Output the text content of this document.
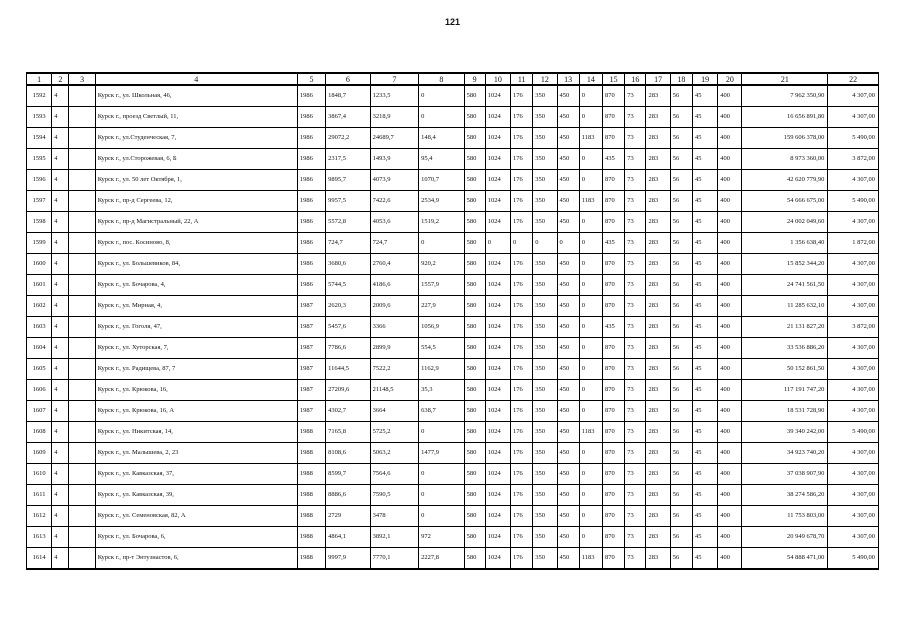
121
1	2	3	4	5	6	7	8	9	10	11	12	13	14	15	16	17	18	19	20	21	22
1592	4		Курск г., ул. Школьная, 46,	1986	1848,7	1233,5	0	580	1024	176	350	450	0	870	73	283	56	45	400	7 962 350,90	4 307,00
1593	4		Курск г., проезд Светлый, 11,	1986	3867,4	3218,9	0	580	1024	176	350	450	0	870	73	283	56	45	400	16 656 891,80	4 307,00
1594	4		Курск г., ул.Студенческая, 7,	1986	29072,2	24689,7	148,4	580	1024	176	350	450	1183	870	73	283	56	45	400	159 606 378,00	5 490,00
1595	4		Курск г., ул.Сторожевая, 6, Б	1986	2317,5	1493,9	95,4	580	1024	176	350	450	0	435	73	283	56	45	400	8 973 360,00	3 872,00
1596	4		Курск г., ул. 50 лет Октября, 1,	1986	9895,7	4073,9	1070,7	580	1024	176	350	450	0	870	73	283	56	45	400	42 620 779,90	4 307,00
1597	4		Курск г., пр-д Сергеева, 12,	1986	9957,5	7422,6	2534,9	580	1024	176	350	450	1183	870	73	283	56	45	400	54 666 675,00	5 490,00
1598	4		Курск г., пр-д Магистральный, 22, А	1986	5572,8	4053,6	1519,2	580	1024	176	350	450	0	870	73	283	56	45	400	24 002 049,60	4 307,00
1599	4		Курск г., пос. Косиново, 8,	1986	724,7	724,7	0	580	0	0	0	0	0	435	73	283	56	45	400	1 356 638,40	1 872,00
1600	4		Курск г., ул. Большевиков, 84,	1986	3680,6	2760,4	920,2	580	1024	176	350	450	0	870	73	283	56	45	400	15 852 344,20	4 307,00
1601	4		Курск г., ул. Бочарова, 4,	1986	5744,5	4186,6	1557,9	580	1024	176	350	450	0	870	73	283	56	45	400	24 741 561,50	4 307,00
1602	4		Курск г., ул. Мирная, 4,	1987	2620,3	2009,6	227,9	580	1024	176	350	450	0	870	73	283	56	45	400	11 285 632,10	4 307,00
1603	4		Курск г., ул. Гоголя, 47,	1987	5457,6	3366	1056,9	580	1024	176	350	450	0	435	73	283	56	45	400	21 131 827,20	3 872,00
1604	4		Курск г., ул. Хуторская, 7,	1987	7786,6	2899,9	554,5	580	1024	176	350	450	0	870	73	283	56	45	400	33 536 886,20	4 307,00
1605	4		Курск г., ул. Радищева, 87, 7	1987	11644,5	7522,2	1162,9	580	1024	176	350	450	0	870	73	283	56	45	400	50 152 861,50	4 307,00
1606	4		Курск г., ул. Крюкова, 16,	1987	27209,6	21148,5	35,3	580	1024	176	350	450	0	870	73	283	56	45	400	117 191 747,20	4 307,00
1607	4		Курск г., ул. Крюкова, 16, А	1987	4302,7	3664	638,7	580	1024	176	350	450	0	870	73	283	56	45	400	18 531 728,90	4 307,00
1608	4		Курск г., ул. Никитская, 14,	1988	7165,8	5725,2	0	580	1024	176	350	450	1183	870	73	283	56	45	400	39 340 242,00	5 490,00
1609	4		Курск г., ул. Малышева, 2, 23	1988	8108,6	5063,2	1477,9	580	1024	176	350	450	0	870	73	283	56	45	400	34 923 740,20	4 307,00
1610	4		Курск г., ул. Кавказская, 37,	1988	8599,7	7564,6	0	580	1024	176	350	450	0	870	73	283	56	45	400	37 038 907,90	4 307,00
1611	4		Курск г., ул. Кавказская, 39,	1988	8886,6	7590,5	0	580	1024	176	350	450	0	870	73	283	56	45	400	38 274 586,20	4 307,00
1612	4		Курск г., ул. Семеновская, 82, А	1988	2729	3478	0	580	1024	176	350	450	0	870	73	283	56	45	400	11 753 803,00	4 307,00
1613	4		Курск г., ул. Бочарова, 6,	1988	4864,1	3892,1	972	580	1024	176	350	450	0	870	73	283	56	45	400	20 949 678,70	4 307,00
1614	4		Курск г., пр-т Энтузиастов, 6,	1988	9997,9	7770,1	2227,8	580	1024	176	350	450	1183	870	73	283	56	45	400	54 888 471,00	5 490,00
